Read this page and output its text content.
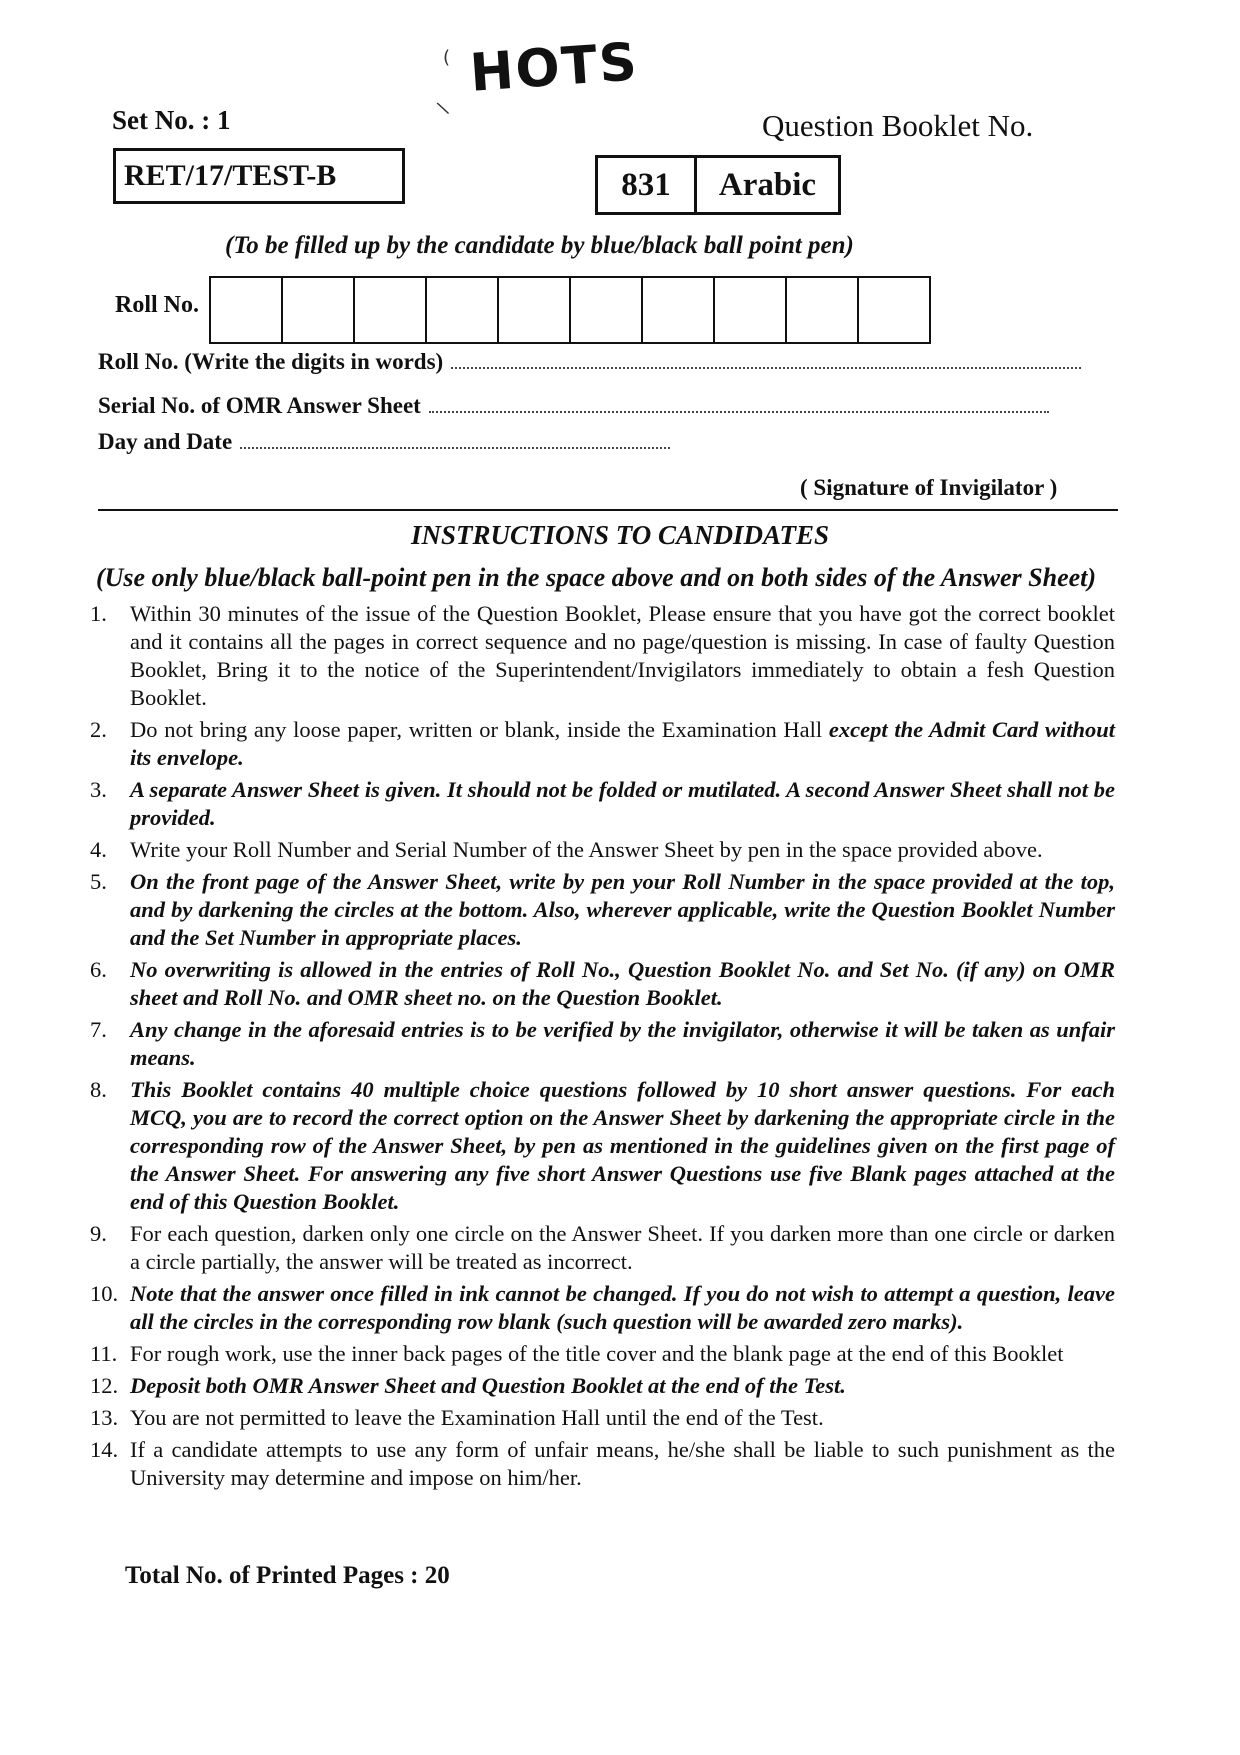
HOTS
(
\
Set No. : 1
RET/17/TEST-B
Question Booklet No.
831	Arabic
(To be filled up by the candidate by blue/black ball point pen)
Roll No.
Roll No. (Write the digits in words)
Serial No. of OMR Answer Sheet
Day and Date
( Signature of Invigilator )
INSTRUCTIONS TO CANDIDATES
(Use only blue/black ball-point pen in the space above and on both sides of the Answer Sheet)
1.	Within 30 minutes of the issue of the Question Booklet, Please ensure that you have got the correct booklet and it contains all the pages in correct sequence and no page/question is missing. In case of faulty Question Booklet, Bring it to the notice of the Superintendent/Invigilators immediately to obtain a fesh Question Booklet.
2.	Do not bring any loose paper, written or blank, inside the Examination Hall except the Admit Card without its envelope.
3.	A separate Answer Sheet is given. It should not be folded or mutilated. A second Answer Sheet shall not be provided.
4.	Write your Roll Number and Serial Number of the Answer Sheet by pen in the space provided above.
5.	On the front page of the Answer Sheet, write by pen your Roll Number in the space provided at the top, and by darkening the circles at the bottom. Also, wherever applicable, write the Question Booklet Number and the Set Number in appropriate places.
6.	No overwriting is allowed in the entries of Roll No., Question Booklet No. and Set No. (if any) on OMR sheet and Roll No. and OMR sheet no. on the Question Booklet.
7.	Any change in the aforesaid entries is to be verified by the invigilator, otherwise it will be taken as unfair means.
8.	This Booklet contains 40 multiple choice questions followed by 10 short answer questions. For each MCQ, you are to record the correct option on the Answer Sheet by darkening the appropriate circle in the corresponding row of the Answer Sheet, by pen as mentioned in the guidelines given on the first page of the Answer Sheet. For answering any five short Answer Questions use five Blank pages attached at the end of this Question Booklet.
9.	For each question, darken only one circle on the Answer Sheet. If you darken more than one circle or darken a circle partially, the answer will be treated as incorrect.
10. Note that the answer once filled in ink cannot be changed. If you do not wish to attempt a question, leave all the circles in the corresponding row blank (such question will be awarded zero marks).
11. For rough work, use the inner back pages of the title cover and the blank page at the end of this Booklet
12. Deposit both OMR Answer Sheet and Question Booklet at the end of the Test.
13. You are not permitted to leave the Examination Hall until the end of the Test.
14. If a candidate attempts to use any form of unfair means, he/she shall be liable to such punishment as the University may determine and impose on him/her.
Total No. of Printed Pages : 20
